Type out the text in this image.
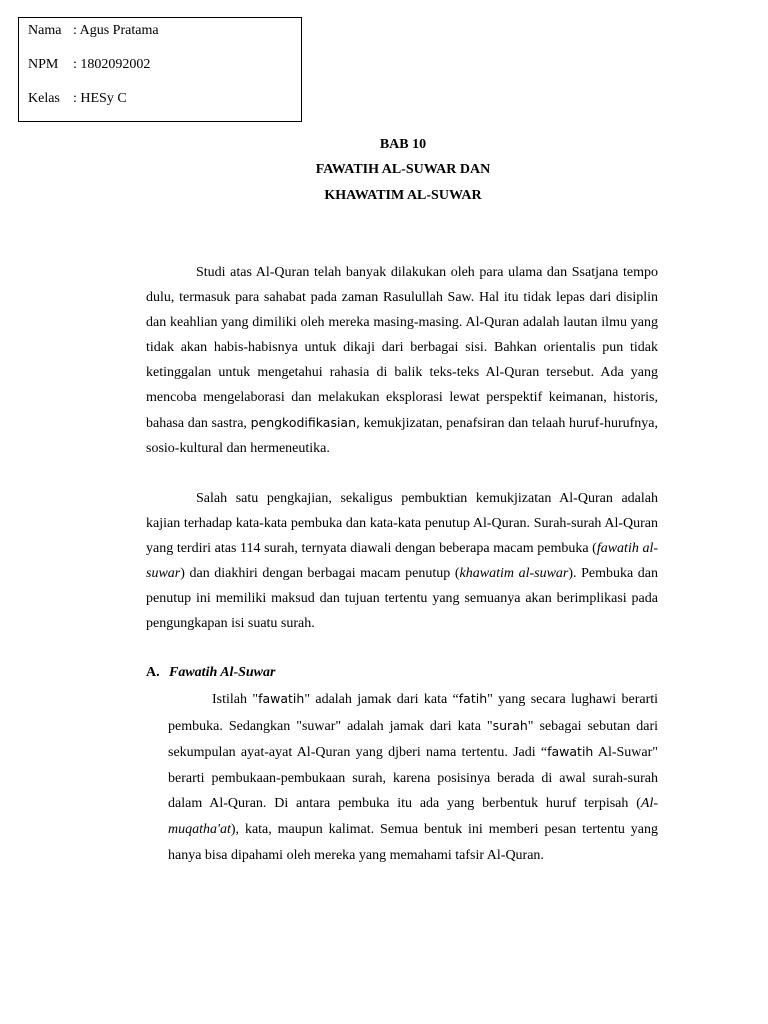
Nama : Agus Pratama
NPM : 1802092002
Kelas : HESy C
BAB 10
FAWATIH AL-SUWAR DAN
KHAWATIM AL-SUWAR

Studi atas Al-Quran telah banyak dilakukan oleh para ulama dan Ssatjana tempo dulu, termasuk para sahabat pada zaman Rasulullah Saw. Hal itu tidak lepas dari disiplin dan keahlian yang dimiliki oleh mereka masing-masing. Al-Quran adalah lautan ilmu yang tidak akan habis-habisnya untuk dikaji dari berbagai sisi. Bahkan orientalis pun tidak ketinggalan untuk mengetahui rahasia di balik teks-teks Al-Quran tersebut. Ada yang mencoba mengelaborasi dan melakukan eksplorasi lewat perspektif keimanan, historis, bahasa dan sastra, pengkodifikasian, kemukjizatan, penafsiran dan telaah huruf-hurufnya, sosio-kultural dan hermeneutika.

Salah satu pengkajian, sekaligus pembuktian kemukjizatan Al-Quran adalah kajian terhadap kata-kata pembuka dan kata-kata penutup Al-Quran. Surah-surah Al-Quran yang terdiri atas 114 surah, ternyata diawali dengan beberapa macam pembuka (fawatih al-suwar) dan diakhiri dengan berbagai macam penutup (khawatim al-suwar). Pembuka dan penutup ini memiliki maksud dan tujuan tertentu yang semuanya akan berimplikasi pada pengungkapan isi suatu surah.

A. Fawatih Al-Suwar

Istilah "fawatih" adalah jamak dari kata “fatih" yang secara lughawi berarti pembuka. Sedangkan "suwar" adalah jamak dari kata "surah" sebagai sebutan dari sekumpulan ayat-ayat Al-Quran yang djberi nama tertentu. Jadi “fawatih Al-Suwar" berarti pembukaan-pembukaan surah, karena posisinya berada di awal surah-surah dalam Al-Quran. Di antara pembuka itu ada yang berbentuk huruf terpisah (Al-muqatha'at), kata, maupun kalimat. Semua bentuk ini memberi pesan tertentu yang hanya bisa dipahami oleh mereka yang memahami tafsir Al-Quran.
